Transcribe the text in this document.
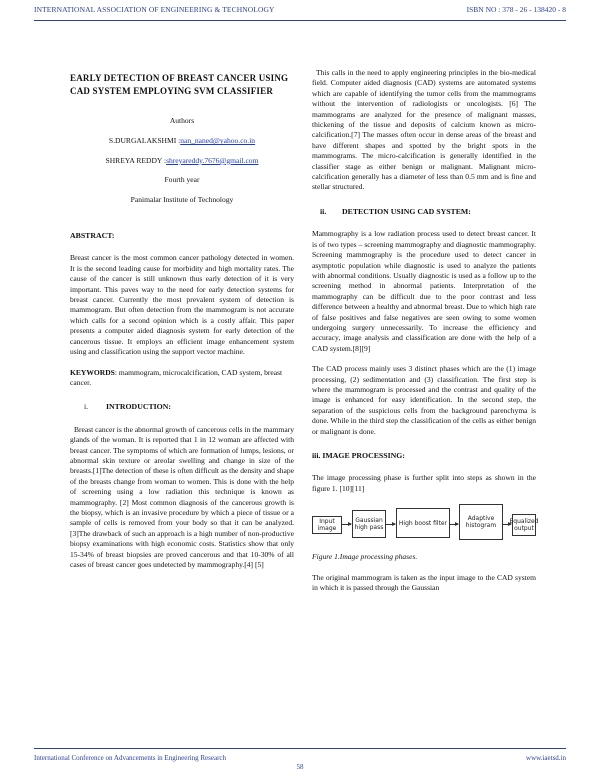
INTERNATIONAL ASSOCIATION OF ENGINEERING & TECHNOLOGY	ISBN NO : 378 - 26 - 138420 - 8
EARLY DETECTION OF BREAST CANCER USING CAD SYSTEM EMPLOYING SVM CLASSIFIER
Authors
S.DURGALAKSHMI :nan_naned@yahoo.co.in
SHREYA REDDY :shreyareddy.7676@gmail.com
Fourth year
Panimalar Institute of Technology
ABSTRACT:
Breast cancer is the most common cancer pathology detected in women. It is the second leading cause for morbidity and high mortality rates. The cause of the cancer is still unknown thus early detection of it is very important. This paves way to the need for early detection systems for breast cancer. Currently the most prevalent system of detection is mammogram. But often detection from the mammogram is not accurate which calls for a second opinion which is a costly affair. This paper presents a computer aided diagnosis system for early detection of the cancerous tissue. It employs an efficient image enhancement system using and classification using the support vector machine.
KEYWORDS: mammogram, microcalcification, CAD system, breast cancer.
i. INTRODUCTION:
Breast cancer is the abnormal growth of cancerous cells in the mammary glands of the woman. It is reported that 1 in 12 woman are affected with breast cancer. The symptoms of which are formation of lumps, lesions, or abnormal skin texture or areolar swelling and change in size of the breasts.[1]The detection of these is often difficult as the density and shape of the breasts change from woman to women. This is done with the help of screening using a low radiation this technique is known as mammography. [2] Most common diagnosis of the cancerous growth is the biopsy, which is an invasive procedure by which a piece of tissue or a sample of cells is removed from your body so that it can be analyzed. [3]The drawback of such an approach is a high number of non-productive biopsy examinations with high economic costs. Statistics show that only 15-34% of breast biopsies are proved cancerous and that 10-30% of all cases of breast cancer goes undetected by mammography.[4] [5]
This calls in the need to apply engineering principles in the bio-medical field. Computer aided diagnosis (CAD) systems are automated systems which are capable of identifying the tumor cells from the mammograms without the intervention of radiologists or oncologists. [6] The mammograms are analyzed for the presence of malignant masses, thickening of the tissue and deposits of calcium known as micro-calcification.[7] The masses often occur in dense areas of the breast and have different shapes and spotted by the bright spots in the mammograms. The micro-calcification is generally identified in the classifier stage as either benign or malignant. Malignant micro- calcification generally has a diameter of less than 0.5 mm and is fine and stellar structured.
ii. DETECTION USING CAD SYSTEM:
Mammography is a low radiation process used to detect breast cancer. It is of two types – screening mammography and diagnostic mammography. Screening mammography is the procedure used to detect cancer in asymptotic population while diagnostic is used to analyze the patients with abnormal conditions. Usually diagnostic is used as a follow up to the screening method in abnormal patients. Interpretation of the mammography can be difficult due to the poor contrast and less difference between a healthy and abnormal breast. Due to which high rate of false positives and false negatives are seen owing to some women undergoing surgery unnecessarily. To increase the efficiency and accuracy, image analysis and classification are done with the help of a CAD system.[8][9]
The CAD process mainly uses 3 distinct phases which are the (1) image processing, (2) sedimentation and (3) classification. The first step is where the mammogram is processed and the contrast and quality of the image is enhanced for easy identification. In the second step, the separation of the suspicious cells from the background parenchyma is done. While in the third step the classification of the cells as either benign or malignant is done.
iii. IMAGE PROCESSING:
The image processing phase is further split into steps as shown in the figure 1. [10][11]
Input image
Gaussian high pass
High boost filter
Adaptive histogram
Equalized output
Figure 1.Image processing phases.
The original mammogram is taken as the input image to the CAD system in which it is passed through the Gaussian
International Conference on Advancements in Engineering Research	www.iaetsd.in
58
